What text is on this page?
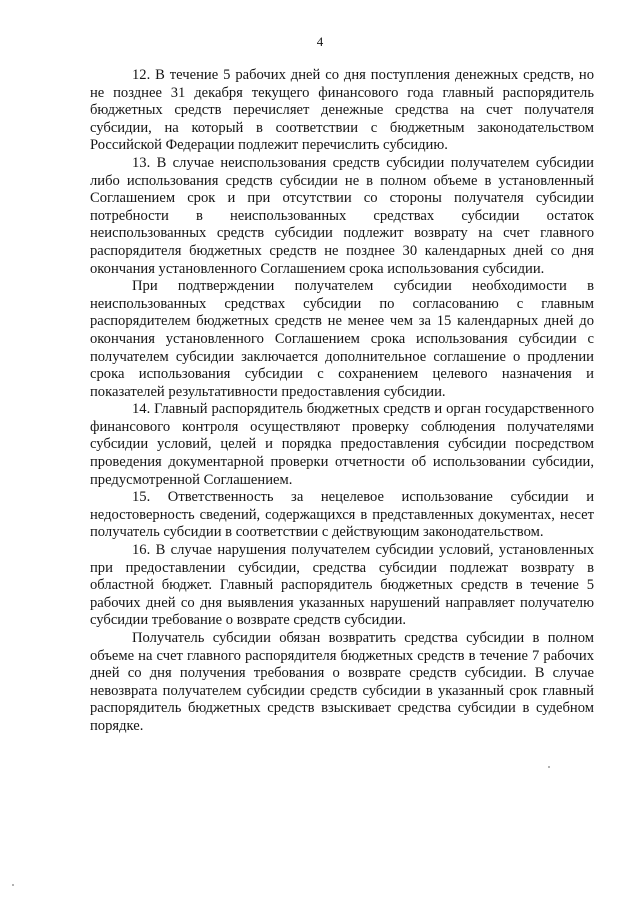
4

12. В течение 5 рабочих дней со дня поступления денежных средств, но не позднее 31 декабря текущего финансового года главный распорядитель бюджетных средств перечисляет денежные средства на счет получателя субсидии, на который в соответствии с бюджетным законодательством Российской Федерации подлежит перечислить субсидию.

13. В случае неиспользования средств субсидии получателем субсидии либо использования средств субсидии не в полном объеме в установленный Соглашением срок и при отсутствии со стороны получателя субсидии потребности в неиспользованных средствах субсидии остаток неиспользованных средств субсидии подлежит возврату на счет главного распорядителя бюджетных средств не позднее 30 календарных дней со дня окончания установленного Соглашением срока использования субсидии.

При подтверждении получателем субсидии необходимости в неиспользованных средствах субсидии по согласованию с главным распорядителем бюджетных средств не менее чем за 15 календарных дней до окончания установленного Соглашением срока использования субсидии с получателем субсидии заключается дополнительное соглашение о продлении срока использования субсидии с сохранением целевого назначения и показателей результативности предоставления субсидии.

14. Главный распорядитель бюджетных средств и орган государственного финансового контроля осуществляют проверку соблюдения получателями субсидии условий, целей и порядка предоставления субсидии посредством проведения документарной проверки отчетности об использовании субсидии, предусмотренной Соглашением.

15. Ответственность за нецелевое использование субсидии и недостоверность сведений, содержащихся в представленных документах, несет получатель субсидии в соответствии с действующим законодательством.

16. В случае нарушения получателем субсидии условий, установленных при предоставлении субсидии, средства субсидии подлежат возврату в областной бюджет. Главный распорядитель бюджетных средств в течение 5 рабочих дней со дня выявления указанных нарушений направляет получателю субсидии требование о возврате средств субсидии.

Получатель субсидии обязан возвратить средства субсидии в полном объеме на счет главного распорядителя бюджетных средств в течение 7 рабочих дней со дня получения требования о возврате средств субсидии. В случае невозврата получателем субсидии средств субсидии в указанный срок главный распорядитель бюджетных средств взыскивает средства субсидии в судебном порядке.
